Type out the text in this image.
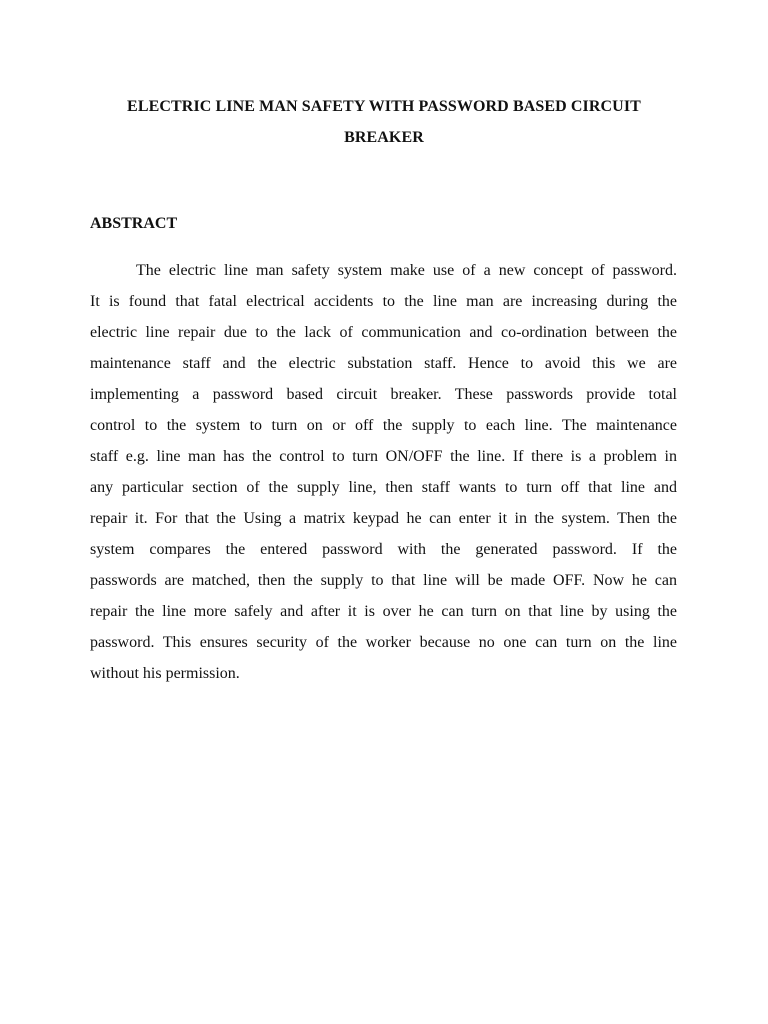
ELECTRIC LINE MAN SAFETY WITH PASSWORD BASED CIRCUIT
BREAKER
ABSTRACT
The electric line man safety system make use of a new concept of password.
It is found that fatal electrical accidents to the line man are increasing during the
electric line repair due to the lack of communication and co-ordination between the
maintenance staff and the electric substation staff. Hence to avoid this we are
implementing a password based circuit breaker. These passwords provide total
control to the system to turn on or off the supply to each line. The maintenance
staff e.g. line man has the control to turn ON/OFF the line. If there is a problem in
any particular section of the supply line, then staff wants to turn off that line and
repair it. For that the Using a matrix keypad he can enter it in the system. Then the
system compares the entered password with the generated password. If the
passwords are matched, then the supply to that line will be made OFF. Now he can
repair the line more safely and after it is over he can turn on that line by using the
password. This ensures security of the worker because no one can turn on the line
without his permission.
